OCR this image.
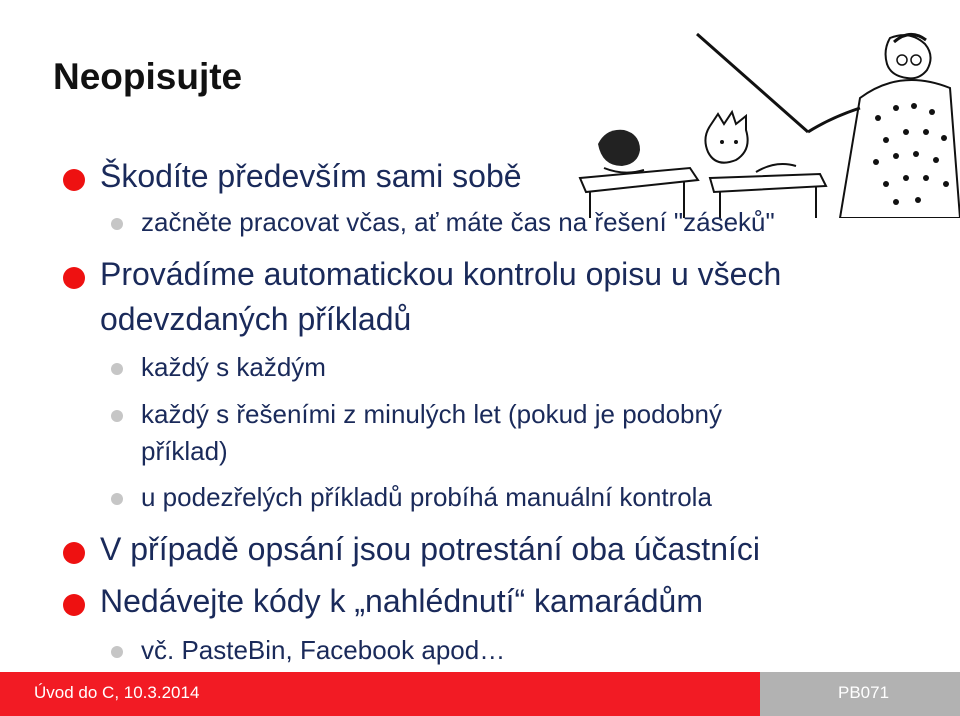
Neopisujte
Škodíte především sami sobě
začněte pracovat včas, ať máte čas na řešení "záseků"
Provádíme automatickou kontrolu opisu u všech
odevzdaných příkladů
každý s každým
každý s řešeními z minulých let (pokud je podobný
příklad)
u podezřelých příkladů probíhá manuální kontrola
V případě opsání jsou potrestání oba účastníci
Nedávejte kódy k „nahlédnutí“ kamarádům
vč. PasteBin, Facebook apod…
Úvod do C, 10.3.2014	PB071
